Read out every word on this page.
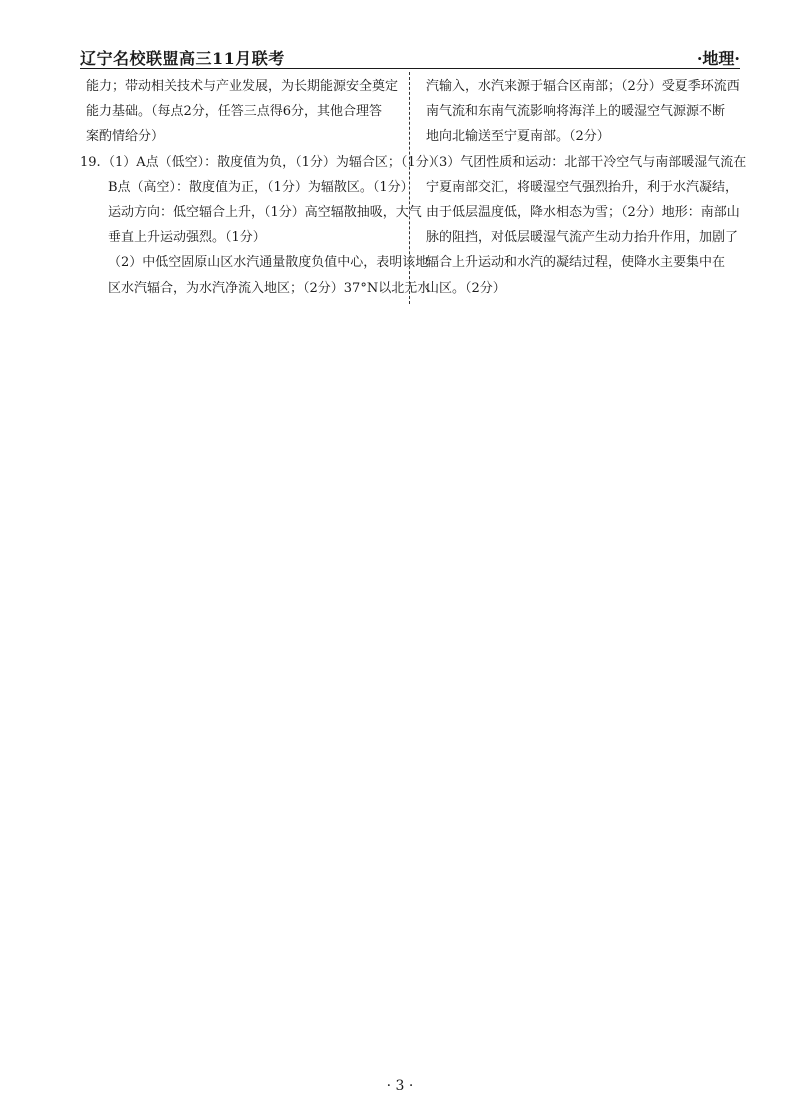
辽宁名校联盟高三11月联考	·地理·
能力；带动相关技术与产业发展，为长期能源安全奠定
能力基础。（每点2分，任答三点得6分，其他合理答
案酌情给分）
19.（1）A点（低空）：散度值为负，（1分）为辐合区；（1分）
B点（高空）：散度值为正，（1分）为辐散区。（1分）
运动方向：低空辐合上升，（1分）高空辐散抽吸，大气
垂直上升运动强烈。（1分）
（2）中低空固原山区水汽通量散度负值中心，表明该地
区水汽辐合，为水汽净流入地区；（2分）37°N以北无水
汽输入，水汽来源于辐合区南部；（2分）受夏季环流西
南气流和东南气流影响将海洋上的暖湿空气源源不断
地向北输送至宁夏南部。（2分）
（3）气团性质和运动：北部干冷空气与南部暖湿气流在
宁夏南部交汇，将暖湿空气强烈抬升，利于水汽凝结，
由于低层温度低，降水相态为雪；（2分）地形：南部山
脉的阻挡，对低层暖湿气流产生动力抬升作用，加剧了
辐合上升运动和水汽的凝结过程，使降水主要集中在
山区。（2分）
· 3 ·
